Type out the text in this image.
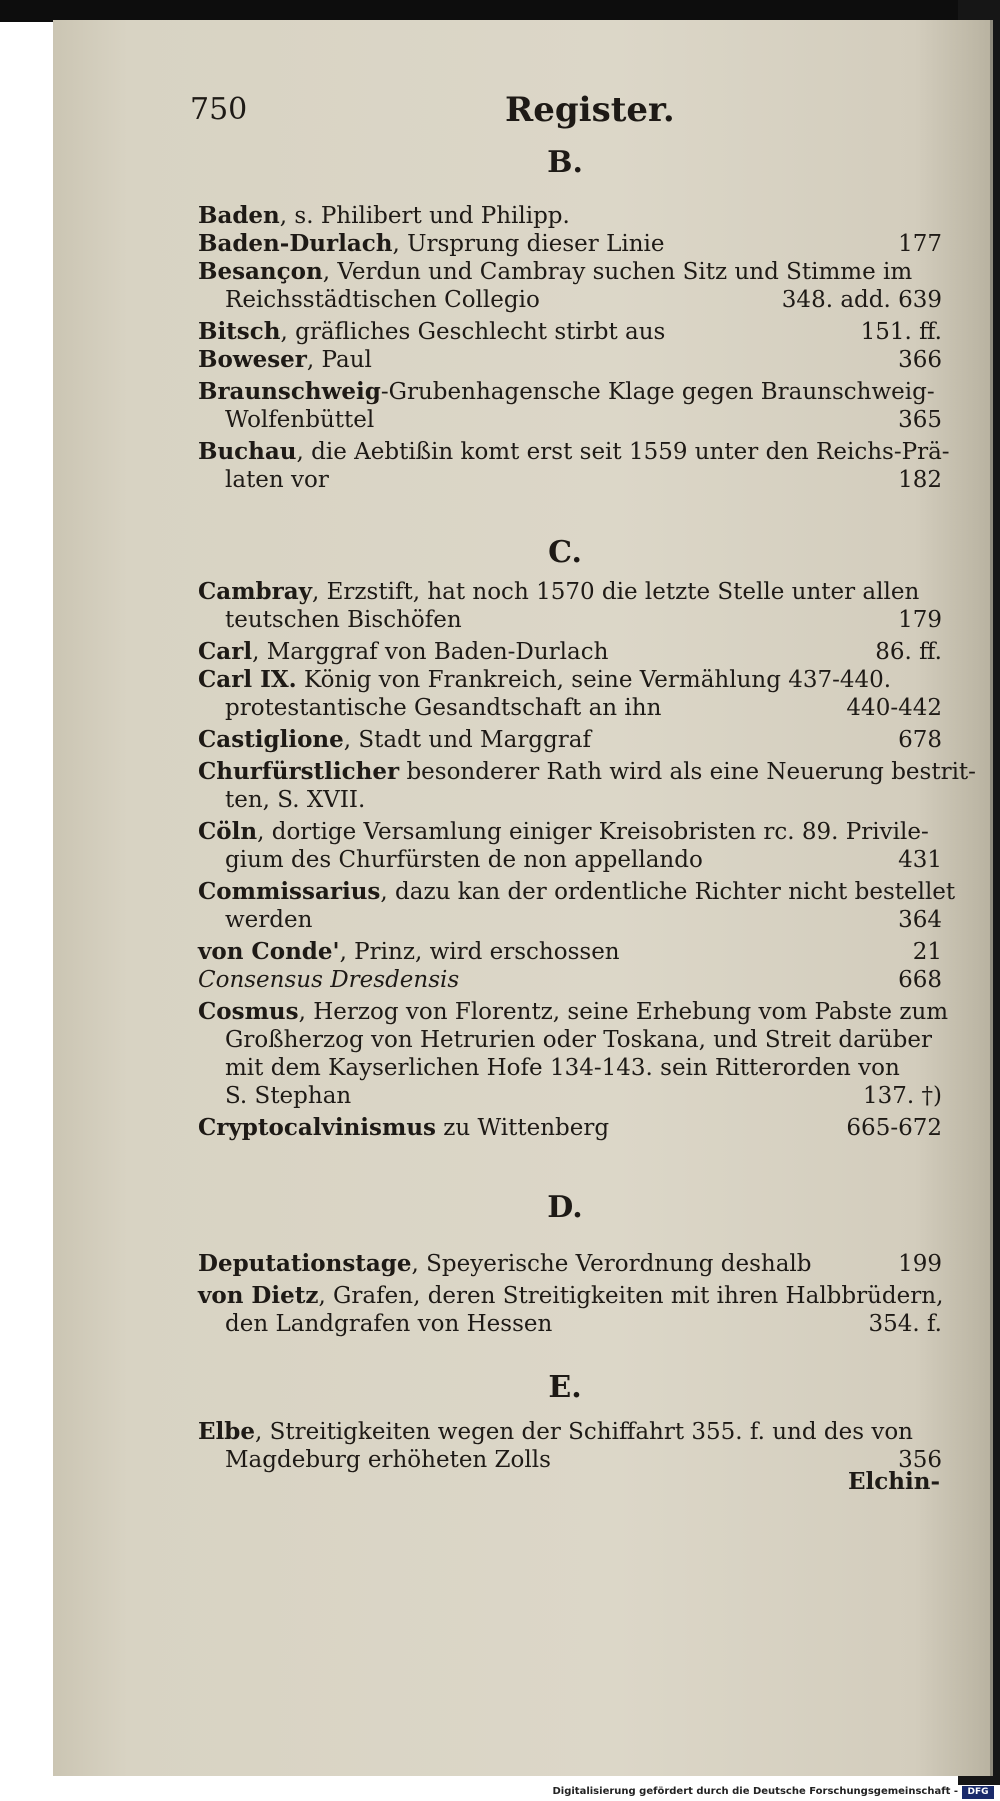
750	Register.
B.
Baden, s. Philibert und Philipp.
Baden-Durlach, Ursprung dieser Linie	177
Besançon, Verdun und Cambray suchen Sitz und Stimme im
Reichsstädtischen Collegio	348. add. 639
Bitsch, gräfliches Geschlecht stirbt aus	151. ff.
Boweser, Paul	366
Braunschweig-Grubenhagensche Klage gegen Braunschweig-
Wolfenbüttel	365
Buchau, die Aebtißin komt erst seit 1559 unter den Reichs-Prä-
laten vor	182
C.
Cambray, Erzstift, hat noch 1570 die letzte Stelle unter allen
teutschen Bischöfen	179
Carl, Marggraf von Baden-Durlach	86. ff.
Carl IX. König von Frankreich, seine Vermählung 437-440.
protestantische Gesandtschaft an ihn	440-442
Castiglione, Stadt und Marggraf	678
Churfürstlicher besonderer Rath wird als eine Neuerung bestrit-
ten, S. XVII.
Cöln, dortige Versamlung einiger Kreisobristen rc. 89. Privile-
gium des Churfürsten de non appellando	431
Commissarius, dazu kan der ordentliche Richter nicht bestellet
werden	364
von Conde', Prinz, wird erschossen	21
Consensus Dresdensis	668
Cosmus, Herzog von Florentz, seine Erhebung vom Pabste zum
Großherzog von Hetrurien oder Toskana, und Streit darüber
mit dem Kayserlichen Hofe 134-143. sein Ritterorden von
S. Stephan	137. †)
Cryptocalvinismus zu Wittenberg	665-672
D.
Deputationstage, Speyerische Verordnung deshalb	199
von Dietz, Grafen, deren Streitigkeiten mit ihren Halbbrüdern,
den Landgrafen von Hessen	354. f.
E.
Elbe, Streitigkeiten wegen der Schiffahrt 355. f. und des von
Magdeburg erhöheten Zolls	356
Elchin-
Digitalisierung gefördert durch die Deutsche Forschungsgemeinschaft -	DFG
